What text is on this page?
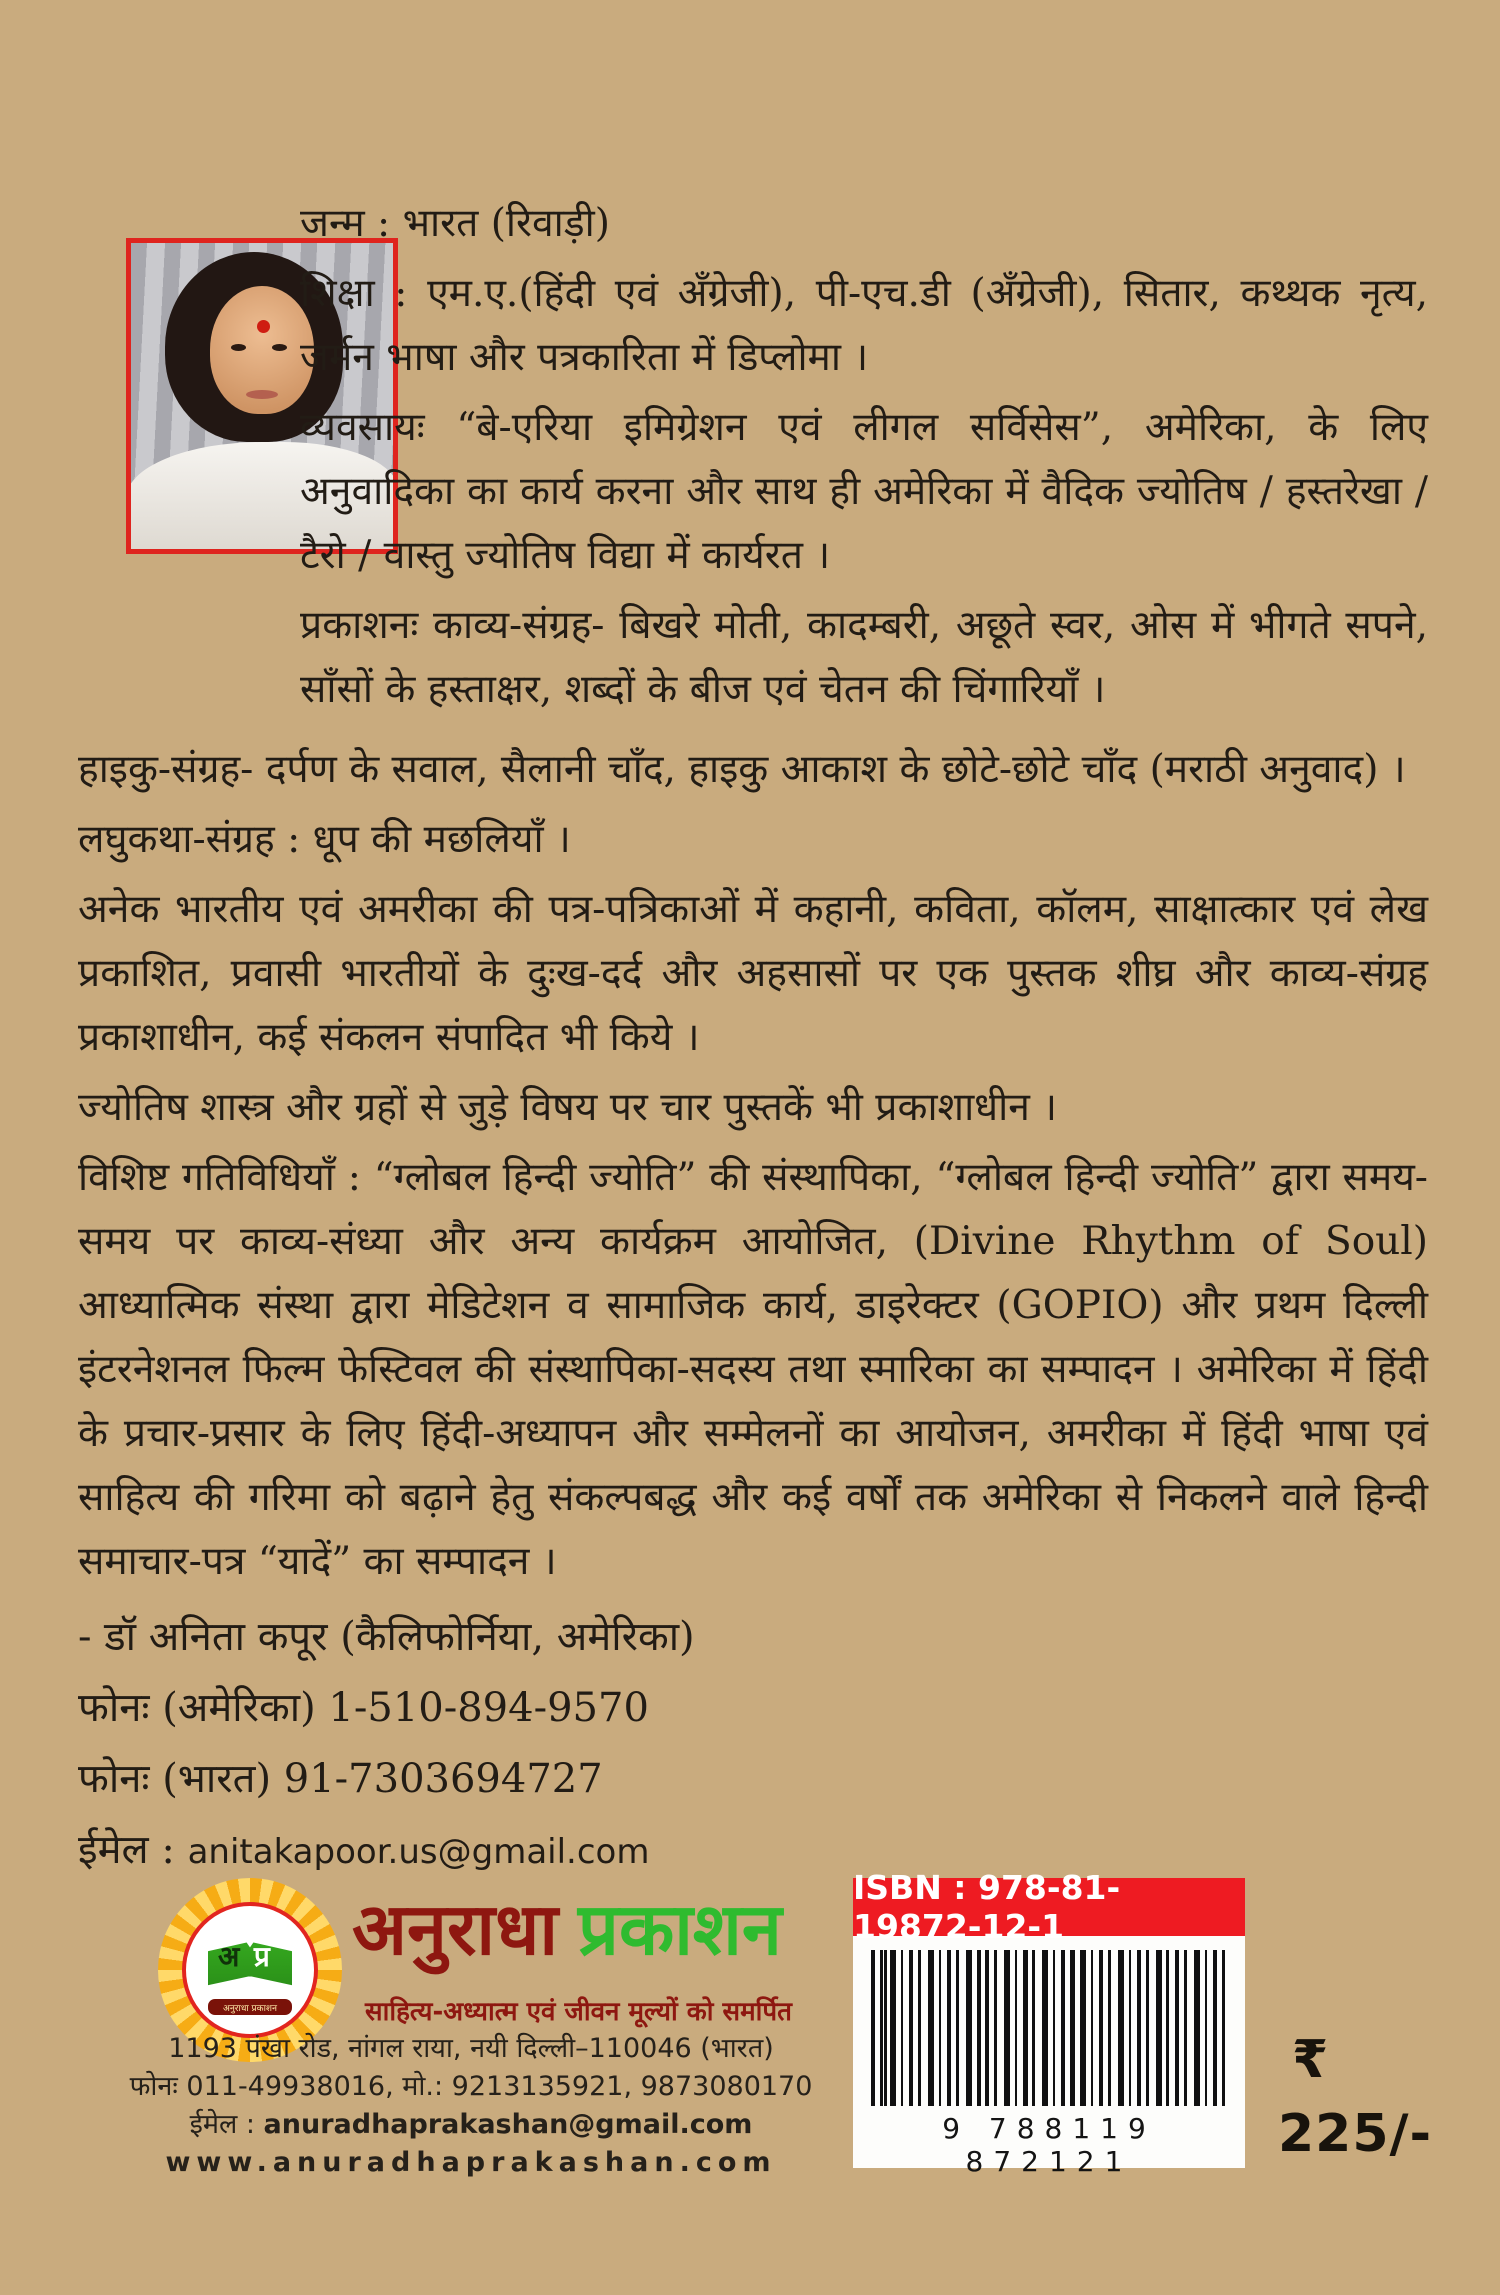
जन्म : भारत (रिवाड़ी)

शिक्षा : एम.ए.(हिंदी एवं अँग्रेजी), पी-एच.डी (अँग्रेजी), सितार, कथ्थक नृत्य, जर्मन भाषा और पत्रकारिता में डिप्लोमा ।

व्यवसायः “बे-एरिया इमिग्रेशन एवं लीगल सर्विसेस”, अमेरिका, के लिए अनुवादिका का कार्य करना और साथ ही अमेरिका में वैदिक ज्योतिष / हस्तरेखा / टैरो / वास्तु ज्योतिष विद्या में कार्यरत ।

प्रकाशनः काव्य-संग्रह- बिखरे मोती, कादम्बरी, अछूते स्वर, ओस में भीगते सपने, साँसों के हस्ताक्षर, शब्दों के बीज एवं चेतन की चिंगारियाँ ।

हाइकु-संग्रह- दर्पण के सवाल, सैलानी चाँद, हाइकु आकाश के छोटे-छोटे चाँद (मराठी अनुवाद) ।

लघुकथा-संग्रह : धूप की मछलियाँ ।

अनेक भारतीय एवं अमरीका की पत्र-पत्रिकाओं में कहानी, कविता, कॉलम, साक्षात्कार एवं लेख प्रकाशित, प्रवासी भारतीयों के दुःख-दर्द और अहसासों पर एक पुस्तक शीघ्र और काव्य-संग्रह प्रकाशाधीन, कई संकलन संपादित भी किये ।

ज्योतिष शास्त्र और ग्रहों से जुड़े विषय पर चार पुस्तकें भी प्रकाशाधीन ।

विशिष्ट गतिविधियाँ : “ग्लोबल हिन्दी ज्योति” की संस्थापिका, “ग्लोबल हिन्दी ज्योति” द्वारा समय-समय पर काव्य-संध्या और अन्य कार्यक्रम आयोजित, (Divine Rhythm of Soul) आध्यात्मिक संस्था द्वारा मेडिटेशन व सामाजिक कार्य, डाइरेक्टर (GOPIO) और प्रथम दिल्ली इंटरनेशनल फिल्म फेस्टिवल की संस्थापिका-सदस्य तथा स्मारिका का सम्पादन । अमेरिका में हिंदी के प्रचार-प्रसार के लिए हिंदी-अध्यापन और सम्मेलनों का आयोजन, अमरीका में हिंदी भाषा एवं साहित्य की गरिमा को बढ़ाने हेतु संकल्पबद्ध और कई वर्षों तक अमेरिका से निकलने वाले हिन्दी समाचार-पत्र “यादें” का सम्पादन ।

- डॉ अनिता कपूर (कैलिफोर्निया, अमेरिका)
फोनः (अमेरिका) 1-510-894-9570
फोनः (भारत) 91-7303694727
ईमेल : anitakapoor.us@gmail.com
अ प्र
अनुराधा प्रकाशन
अनुराधा प्रकाशन
साहित्य-अध्यात्म एवं जीवन मूल्यों को समर्पित
1193 पंखा रोड, नांगल राया, नयी दिल्ली–110046 (भारत)
फोनः 011-49938016, मो.: 9213135921, 9873080170
ईमेल : anuradhaprakashan@gmail.com
www.anuradhaprakashan.com
ISBN : 978-81-19872-12-1
9 788119 872121
₹
225/-
